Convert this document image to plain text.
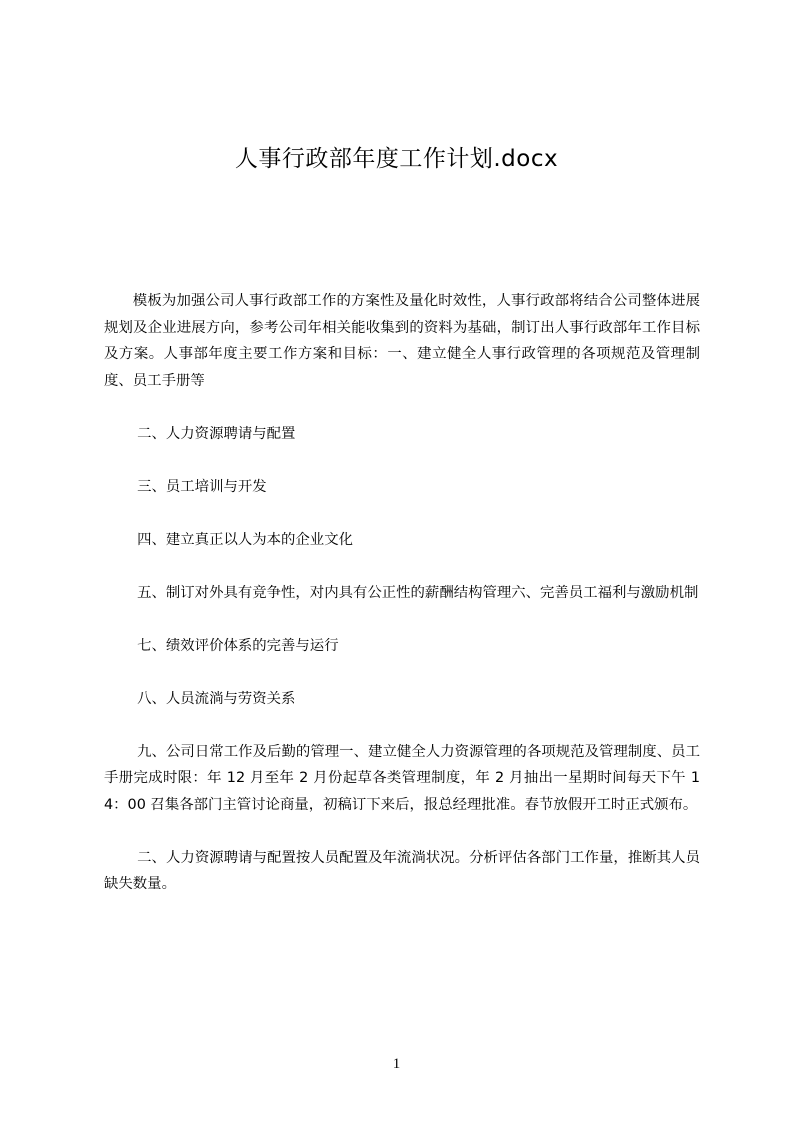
人事行政部年度工作计划.docx

模板为加强公司人事行政部工作的方案性及量化时效性，人事行政部将结合公司整体进展规划及企业进展方向，参考公司年相关能收集到的资料为基础，制订出人事行政部年工作目标及方案。人事部年度主要工作方案和目标：一、建立健全人事行政管理的各项规范及管理制度、员工手册等

二、人力资源聘请与配置

三、员工培训与开发

四、建立真正以人为本的企业文化

五、制订对外具有竞争性，对内具有公正性的薪酬结构管理六、完善员工福利与激励机制

七、绩效评价体系的完善与运行

八、人员流淌与劳资关系

九、公司日常工作及后勤的管理一、建立健全人力资源管理的各项规范及管理制度、员工手册完成时限：年 12 月至年 2 月份起草各类管理制度，年 2 月抽出一星期时间每天下午 14：00 召集各部门主管讨论商量，初稿订下来后，报总经理批准。春节放假开工时正式颁布。

二、人力资源聘请与配置按人员配置及年流淌状况。分析评估各部门工作量，推断其人员缺失数量。

1
